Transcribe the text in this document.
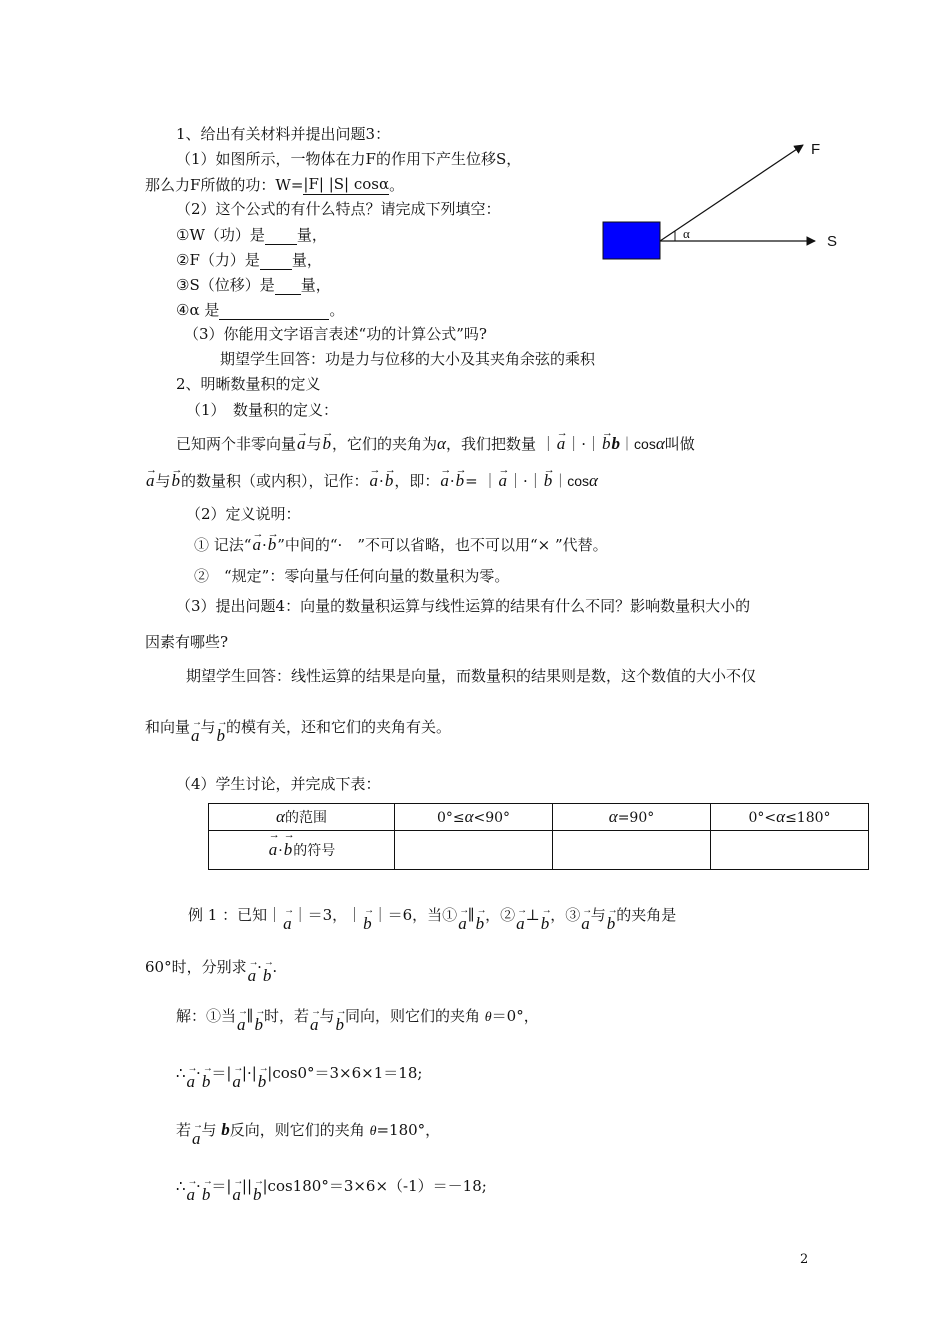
1、给出有关材料并提出问题3：
（1）如图所示，一物体在力F的作用下产生位移S，
那么力F所做的功：W=|F| |S| cosα。
（2）这个公式的有什么特点？请完成下列填空：
①W（功）是 量，
②F（力）是 量，
③S（位移）是 量，
④α 是	。
（3）你能用文字语言表述“功的计算公式”吗?
期望学生回答：功是力与位移的大小及其夹角余弦的乘积
F
S
α
2、明晰数量积的定义
（1）　数量积的定义：
已知两个非零向量→ a与→ b，它们的夹角为α，我们把数量 ｜→ a｜·｜→ bb｜cosα叫做
→ a与→ b的数量积（或内积），记作：→ a·→ b，即：→ a·→ b= ｜→ a｜·｜→ b｜cosα
（2）定义说明：
① 记法“→ a·→ b”中间的“·　”不可以省略，也不可以用“× ”代替。
②　“规定”：零向量与任何向量的数量积为零。
（3）提出问题4：向量的数量积运算与线性运算的结果有什么不同？影响数量积大小的
因素有哪些?
期望学生回答：线性运算的结果是向量，而数量积的结果则是数，这个数值的大小不仅
和向量→ a与→ b的模有关，还和它们的夹角有关。
（4）学生讨论，并完成下表：
α的范围	0°≤α<90°	α=90°	0°<α≤180°
→ a·→ b的符号			
例 1 ：已知｜→ a｜＝3，｜→ b｜＝6，当①→ a∥→ b，②→ a⊥→ b，③→ a与→ b的夹角是
60°时，分别求→ a·→ b.
解：①当→ a∥→ b时，若→ a与→ b同向，则它们的夹角 θ＝0°，
∴→ a·→ b＝|→ a|·|→ b|cos0°＝3×6×1＝18;
若→ a与 b反向，则它们的夹角 θ=180°，
∴→ a·→ b＝|→ a||→ b|cos180°＝3×6×（-1）＝－18;
2
